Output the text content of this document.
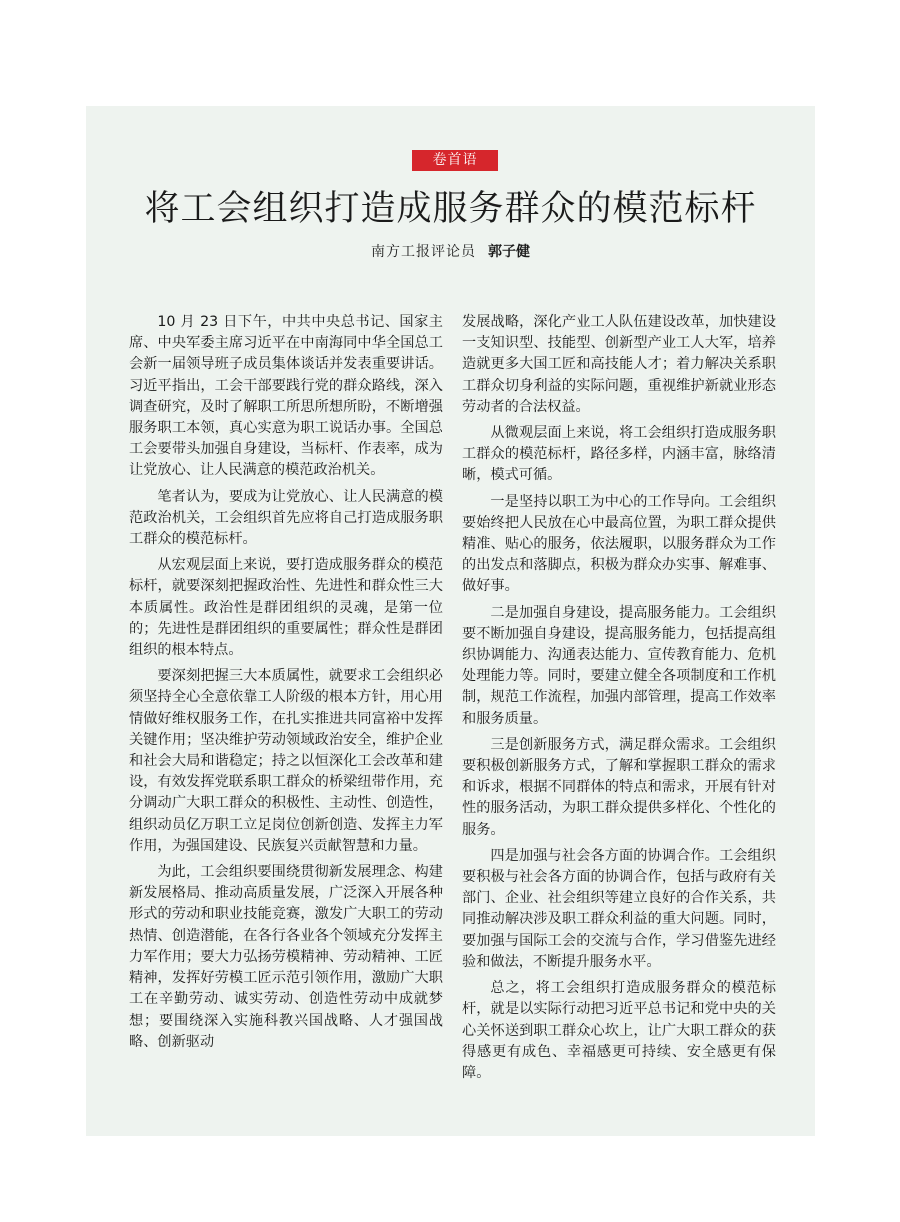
卷首语
将工会组织打造成服务群众的模范标杆
南方工报评论员 郭子健

10 月 23 日下午，中共中央总书记、国家主席、中央军委主席习近平在中南海同中华全国总工会新一届领导班子成员集体谈话并发表重要讲话。习近平指出，工会干部要践行党的群众路线，深入调查研究，及时了解职工所思所想所盼，不断增强服务职工本领，真心实意为职工说话办事。全国总工会要带头加强自身建设，当标杆、作表率，成为让党放心、让人民满意的模范政治机关。

笔者认为，要成为让党放心、让人民满意的模范政治机关，工会组织首先应将自己打造成服务职工群众的模范标杆。

从宏观层面上来说，要打造成服务群众的模范标杆，就要深刻把握政治性、先进性和群众性三大本质属性。政治性是群团组织的灵魂，是第一位的；先进性是群团组织的重要属性；群众性是群团组织的根本特点。

要深刻把握三大本质属性，就要求工会组织必须坚持全心全意依靠工人阶级的根本方针，用心用情做好维权服务工作，在扎实推进共同富裕中发挥关键作用；坚决维护劳动领域政治安全，维护企业和社会大局和谐稳定；持之以恒深化工会改革和建设，有效发挥党联系职工群众的桥梁纽带作用，充分调动广大职工群众的积极性、主动性、创造性，组织动员亿万职工立足岗位创新创造、发挥主力军作用，为强国建设、民族复兴贡献智慧和力量。

为此，工会组织要围绕贯彻新发展理念、构建新发展格局、推动高质量发展，广泛深入开展各种形式的劳动和职业技能竞赛，激发广大职工的劳动热情、创造潜能，在各行各业各个领域充分发挥主力军作用；要大力弘扬劳模精神、劳动精神、工匠精神，发挥好劳模工匠示范引领作用，激励广大职工在辛勤劳动、诚实劳动、创造性劳动中成就梦想；要围绕深入实施科教兴国战略、人才强国战略、创新驱动

发展战略，深化产业工人队伍建设改革，加快建设一支知识型、技能型、创新型产业工人大军，培养造就更多大国工匠和高技能人才；着力解决关系职工群众切身利益的实际问题，重视维护新就业形态劳动者的合法权益。

从微观层面上来说，将工会组织打造成服务职工群众的模范标杆，路径多样，内涵丰富，脉络清晰，模式可循。

一是坚持以职工为中心的工作导向。工会组织要始终把人民放在心中最高位置，为职工群众提供精准、贴心的服务，依法履职，以服务群众为工作的出发点和落脚点，积极为群众办实事、解难事、做好事。

二是加强自身建设，提高服务能力。工会组织要不断加强自身建设，提高服务能力，包括提高组织协调能力、沟通表达能力、宣传教育能力、危机处理能力等。同时，要建立健全各项制度和工作机制，规范工作流程，加强内部管理，提高工作效率和服务质量。

三是创新服务方式，满足群众需求。工会组织要积极创新服务方式，了解和掌握职工群众的需求和诉求，根据不同群体的特点和需求，开展有针对性的服务活动，为职工群众提供多样化、个性化的服务。

四是加强与社会各方面的协调合作。工会组织要积极与社会各方面的协调合作，包括与政府有关部门、企业、社会组织等建立良好的合作关系，共同推动解决涉及职工群众利益的重大问题。同时，要加强与国际工会的交流与合作，学习借鉴先进经验和做法，不断提升服务水平。

总之，将工会组织打造成服务群众的模范标杆，就是以实际行动把习近平总书记和党中央的关心关怀送到职工群众心坎上，让广大职工群众的获得感更有成色、幸福感更可持续、安全感更有保障。
